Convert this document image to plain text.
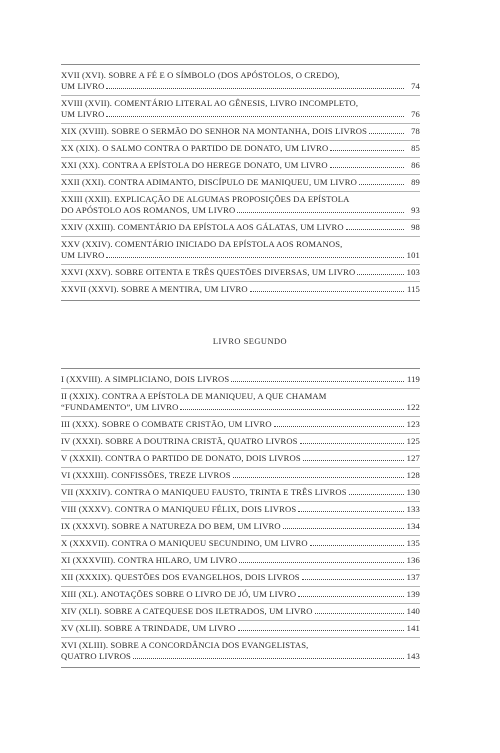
XVII (XVI). SOBRE A FÉ E O SÍMBOLO (DOS APÓSTOLOS, O CREDO),
UM LIVRO	74
XVIII (XVII). COMENTÁRIO LITERAL AO GÊNESIS, LIVRO INCOMPLETO,
UM LIVRO	76
XIX (XVIII). SOBRE O SERMÃO DO SENHOR NA MONTANHA, DOIS LIVROS	78
XX (XIX). O SALMO CONTRA O PARTIDO DE DONATO, UM LIVRO	85
XXI (XX). CONTRA A EPÍSTOLA DO HEREGE DONATO, UM LIVRO	86
XXII (XXI). CONTRA ADIMANTO, DISCÍPULO DE MANIQUEU, UM LIVRO	89
XXIII (XXII). EXPLICAÇÃO DE ALGUMAS PROPOSIÇÕES DA EPÍSTOLA
DO APÓSTOLO AOS ROMANOS, UM LIVRO	93
XXIV (XXIII). COMENTÁRIO DA EPÍSTOLA AOS GÁLATAS, UM LIVRO	98
XXV (XXIV). COMENTÁRIO INICIADO DA EPÍSTOLA AOS ROMANOS,
UM LIVRO	101
XXVI (XXV). SOBRE OITENTA E TRÊS QUESTÕES DIVERSAS, UM LIVRO	103
XXVII (XXVI). SOBRE A MENTIRA, UM LIVRO	115
LIVRO SEGUNDO
I (XXVIII). A SIMPLICIANO, DOIS LIVROS	119
II (XXIX). CONTRA A EPÍSTOLA DE MANIQUEU, A QUE CHAMAM
“FUNDAMENTO”, UM LIVRO	122
III (XXX). SOBRE O COMBATE CRISTÃO, UM LIVRO	123
IV (XXXI). SOBRE A DOUTRINA CRISTÃ, QUATRO LIVROS	125
V (XXXII). CONTRA O PARTIDO DE DONATO, DOIS LIVROS	127
VI (XXXIII). CONFISSÕES, TREZE LIVROS	128
VII (XXXIV). CONTRA O MANIQUEU FAUSTO, TRINTA E TRÊS LIVROS	130
VIII (XXXV). CONTRA O MANIQUEU FÉLIX, DOIS LIVROS	133
IX (XXXVI). SOBRE A NATUREZA DO BEM, UM LIVRO	134
X (XXXVII). CONTRA O MANIQUEU SECUNDINO, UM LIVRO	135
XI (XXXVIII). CONTRA HILARO, UM LIVRO	136
XII (XXXIX). QUESTÕES DOS EVANGELHOS, DOIS LIVROS	137
XIII (XL). ANOTAÇÕES SOBRE O LIVRO DE JÓ, UM LIVRO	139
XIV (XLI). SOBRE A CATEQUESE DOS ILETRADOS, UM LIVRO	140
XV (XLII). SOBRE A TRINDADE, UM LIVRO	141
XVI (XLIII). SOBRE A CONCORDÂNCIA DOS EVANGELISTAS,
QUATRO LIVROS	143
